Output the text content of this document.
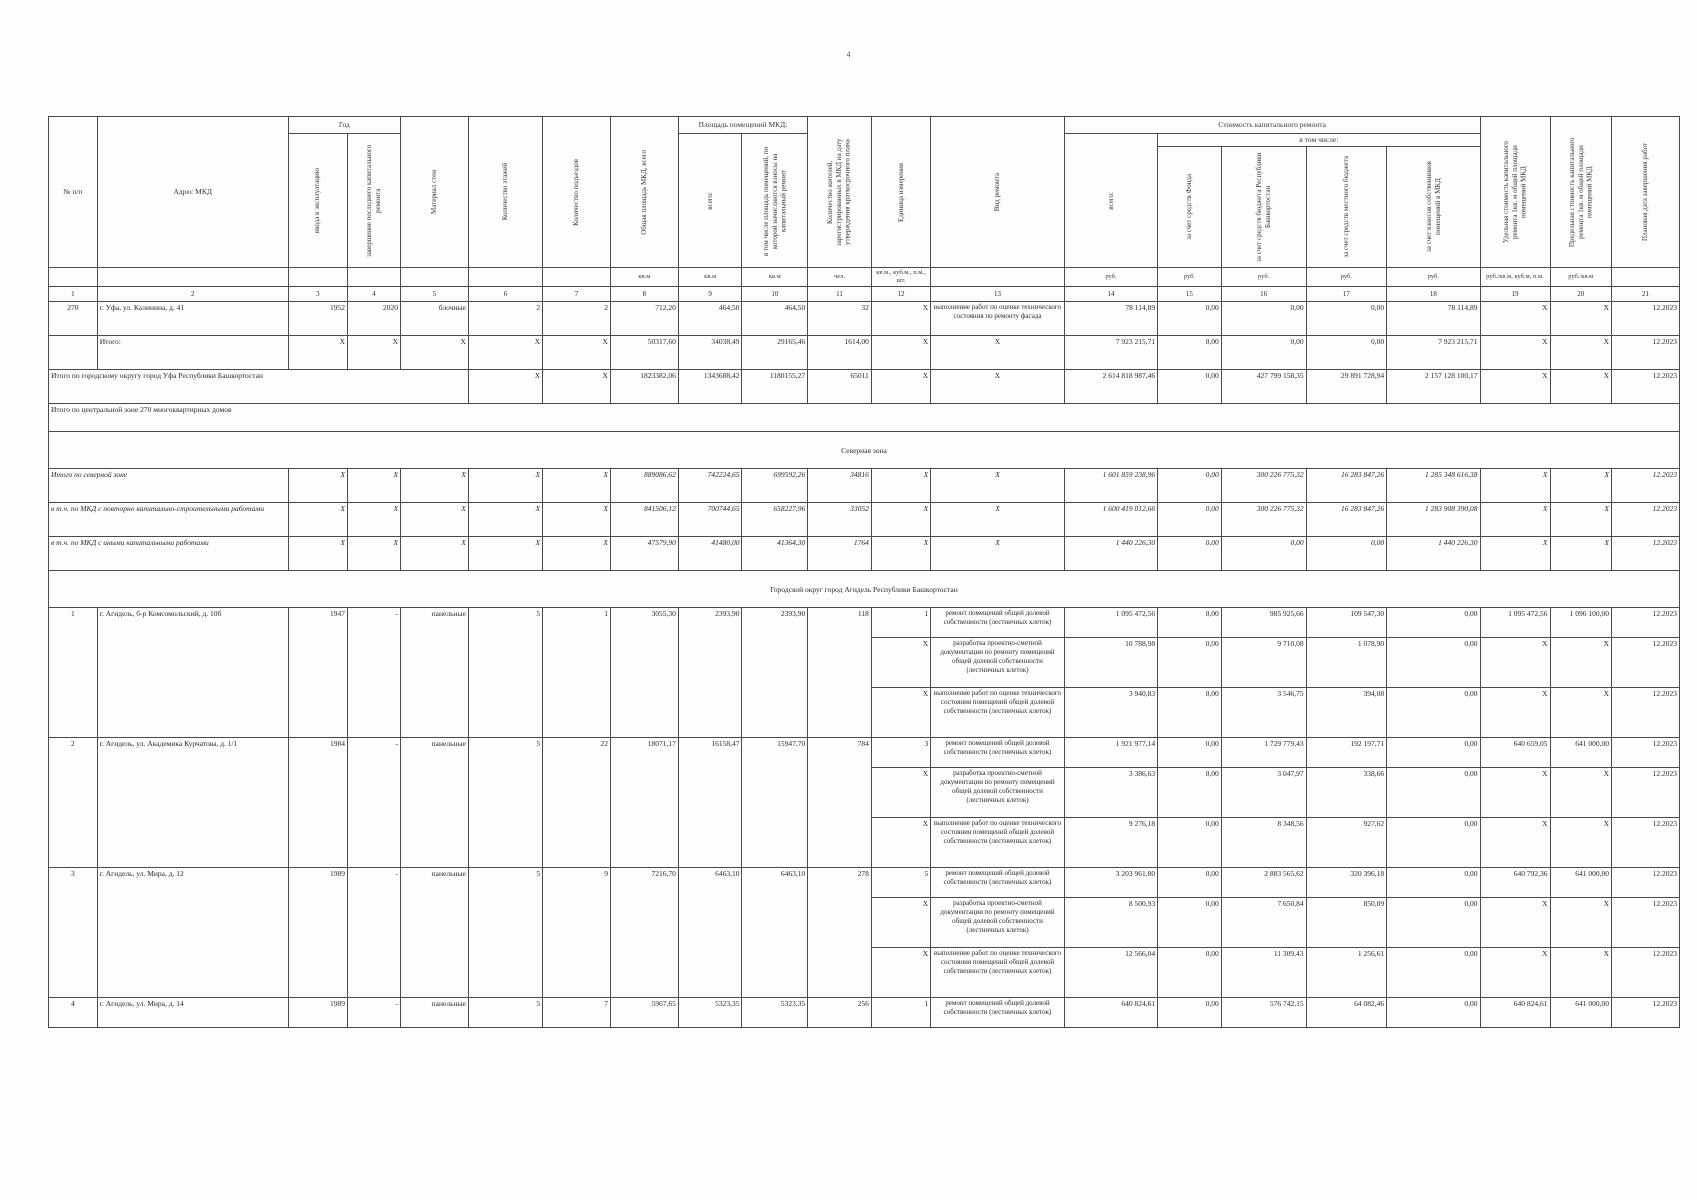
4
№ п/п	Адрес МКД	Год		Материал стен	Количество этажей	Количество подъездов	Общая площадь МКД, всего	Площадь помещений МКД:		Количество жителей, зарегистрированных в МКД на дату утверждения краткосрочного плана	Единица измерения	Вид ремонта	Стоимость капитального ремонта					Удельная стоимость капитального ремонта 1кв. м общей площади помещений МКД	Предельная стоимость капитального ремонта 1кв. м общей площади помещений МКД	Плановая дата завершения работ

		ввода в эксплуатацию	завершение последнего капитального ремонта					всего:	в том числе площадь помещений, по которой начисляются взносы на капитальный ремонт				всего:	в том числе:						

														за счет средств Фонда	за счет средств бюджета Республики Башкортостан	за счет средств местного бюджета	за счет взносов собственников помещений в МКД			

							кв.м	кв.м	кв.м	чел.	кв.м., куб.м., п.м., шт.		руб.	руб.	руб.	руб.	руб.	руб./кв.м, куб.м, п.м.	руб./кв.м	
1	2	3	4	5	6	7	8	9	10	11	12	13	14	15	16	17	18	19	20	21
270	г. Уфа, ул. Калинина, д. 41	1952	2020	блочные	2	2	712,20	464,50	464,50	32	X	выполнение работ по оценке технического состояния по ремонту фасада	78 114,89	0,00	0,00	0,00	78 114,89	X	X	12.2023
	Итого:	X	X	X	X	X	50317,60	34038,49	29165,46	1614,00	X	X	7 923 215,71	0,00	0,00	0,00	7 923 215,71	X	X	12.2023
Итого по городскому округу город Уфа Республики Башкортостан					X	X	1823382,06	1343688,42	1180155,27	65011	X	X	2 614 818 987,46	0,00	427 799 158,35	29 891 728,94	2 157 128 100,17	X	X	12.2023
Итого по центральной зоне 270 многоквартирных домов																				
Северная зона																				
Итого по северной зоне		X	X	X	X	X	889086,62	742224,65	699592,26	34816	X	X	1 601 859 238,96	0,00	300 226 775,32	16 283 847,26	1 285 348 616,38	X	X	12.2023
в т.ч. по МКД с повторно капитально-строительными работами		X	X	X	X	X	841506,12	700744,65	658227,96	33052	X	X	1 600 419 012,66	0,00	300 226 775,32	16 283 847,26	1 283 908 390,08	X	X	12.2023
в т.ч. по МКД с иными капитальными работами		X	X	X	X	X	47579,90	41480,00	41364,30	1764	X	X	1 440 226,30	0,00	0,00	0,00	1 440 226,30	X	X	12.2023
Городской округ город Агидель Республики Башкортостан																				
1	г. Агидель, б-р Комсомольский, д. 10б	1947	-	панельные	5	1	3055,30	2393,90	2393,90	118	1	ремонт помещений общей долевой собственности (лестничных клеток)	1 095 472,56	0,00	985 925,66	109 547,30	0,00	1 095 472,56	1 096 100,00	12.2023
											X	разработка проектно-сметной документации по ремонту помещений общей долевой собственности (лестничных клеток)	10 788,98	0,00	9 710,08	1 078,90	0,00	X	X	12.2023
											X	выполнение работ по оценке технического состояния помещений общей долевой собственности (лестничных клеток)	3 940,83	0,00	3 546,75	394,08	0,00	X	X	12.2023
2	г. Агидель, ул. Академика Курчатова, д. 1/1	1984	-	панельные	5	22	18071,17	16158,47	15947,70	784	3	ремонт помещений общей долевой собственности (лестничных клеток)	1 921 977,14	0,00	1 729 779,43	192 197,71	0,00	640 659,05	641 000,00	12.2023
											X	разработка проектно-сметной документации по ремонту помещений общей долевой собственности (лестничных клеток)	3 386,63	0,00	3 047,97	338,66	0,00	X	X	12.2023
											X	выполнение работ по оценке технического состояния помещений общей долевой собственности (лестничных клеток)	9 276,18	0,00	8 348,56	927,62	0,00	X	X	12.2023
3	г. Агидель, ул. Мира, д. 12	1989	-	панельные	5	9	7216,70	6463,10	6463,10	278	5	ремонт помещений общей долевой собственности (лестничных клеток)	3 203 961,80	0,00	2 883 565,62	320 396,18	0,00	640 792,36	641 000,00	12.2023
											X	разработка проектно-сметной документации по ремонту помещений общей долевой собственности (лестничных клеток)	8 500,93	0,00	7 650,84	850,09	0,00	X	X	12.2023
											X	выполнение работ по оценке технического состояния помещений общей долевой собственности (лестничных клеток)	12 566,04	0,00	11 309,43	1 256,61	0,00	X	X	12.2023
4	г. Агидель, ул. Мира, д. 14	1989	-	панельные	5	7	5967,65	5323,35	5323,35	256	1	ремонт помещений общей долевой собственности (лестничных клеток)	640 824,61	0,00	576 742,15	64 082,46	0,00	640 824,61	641 000,00	12.2023
